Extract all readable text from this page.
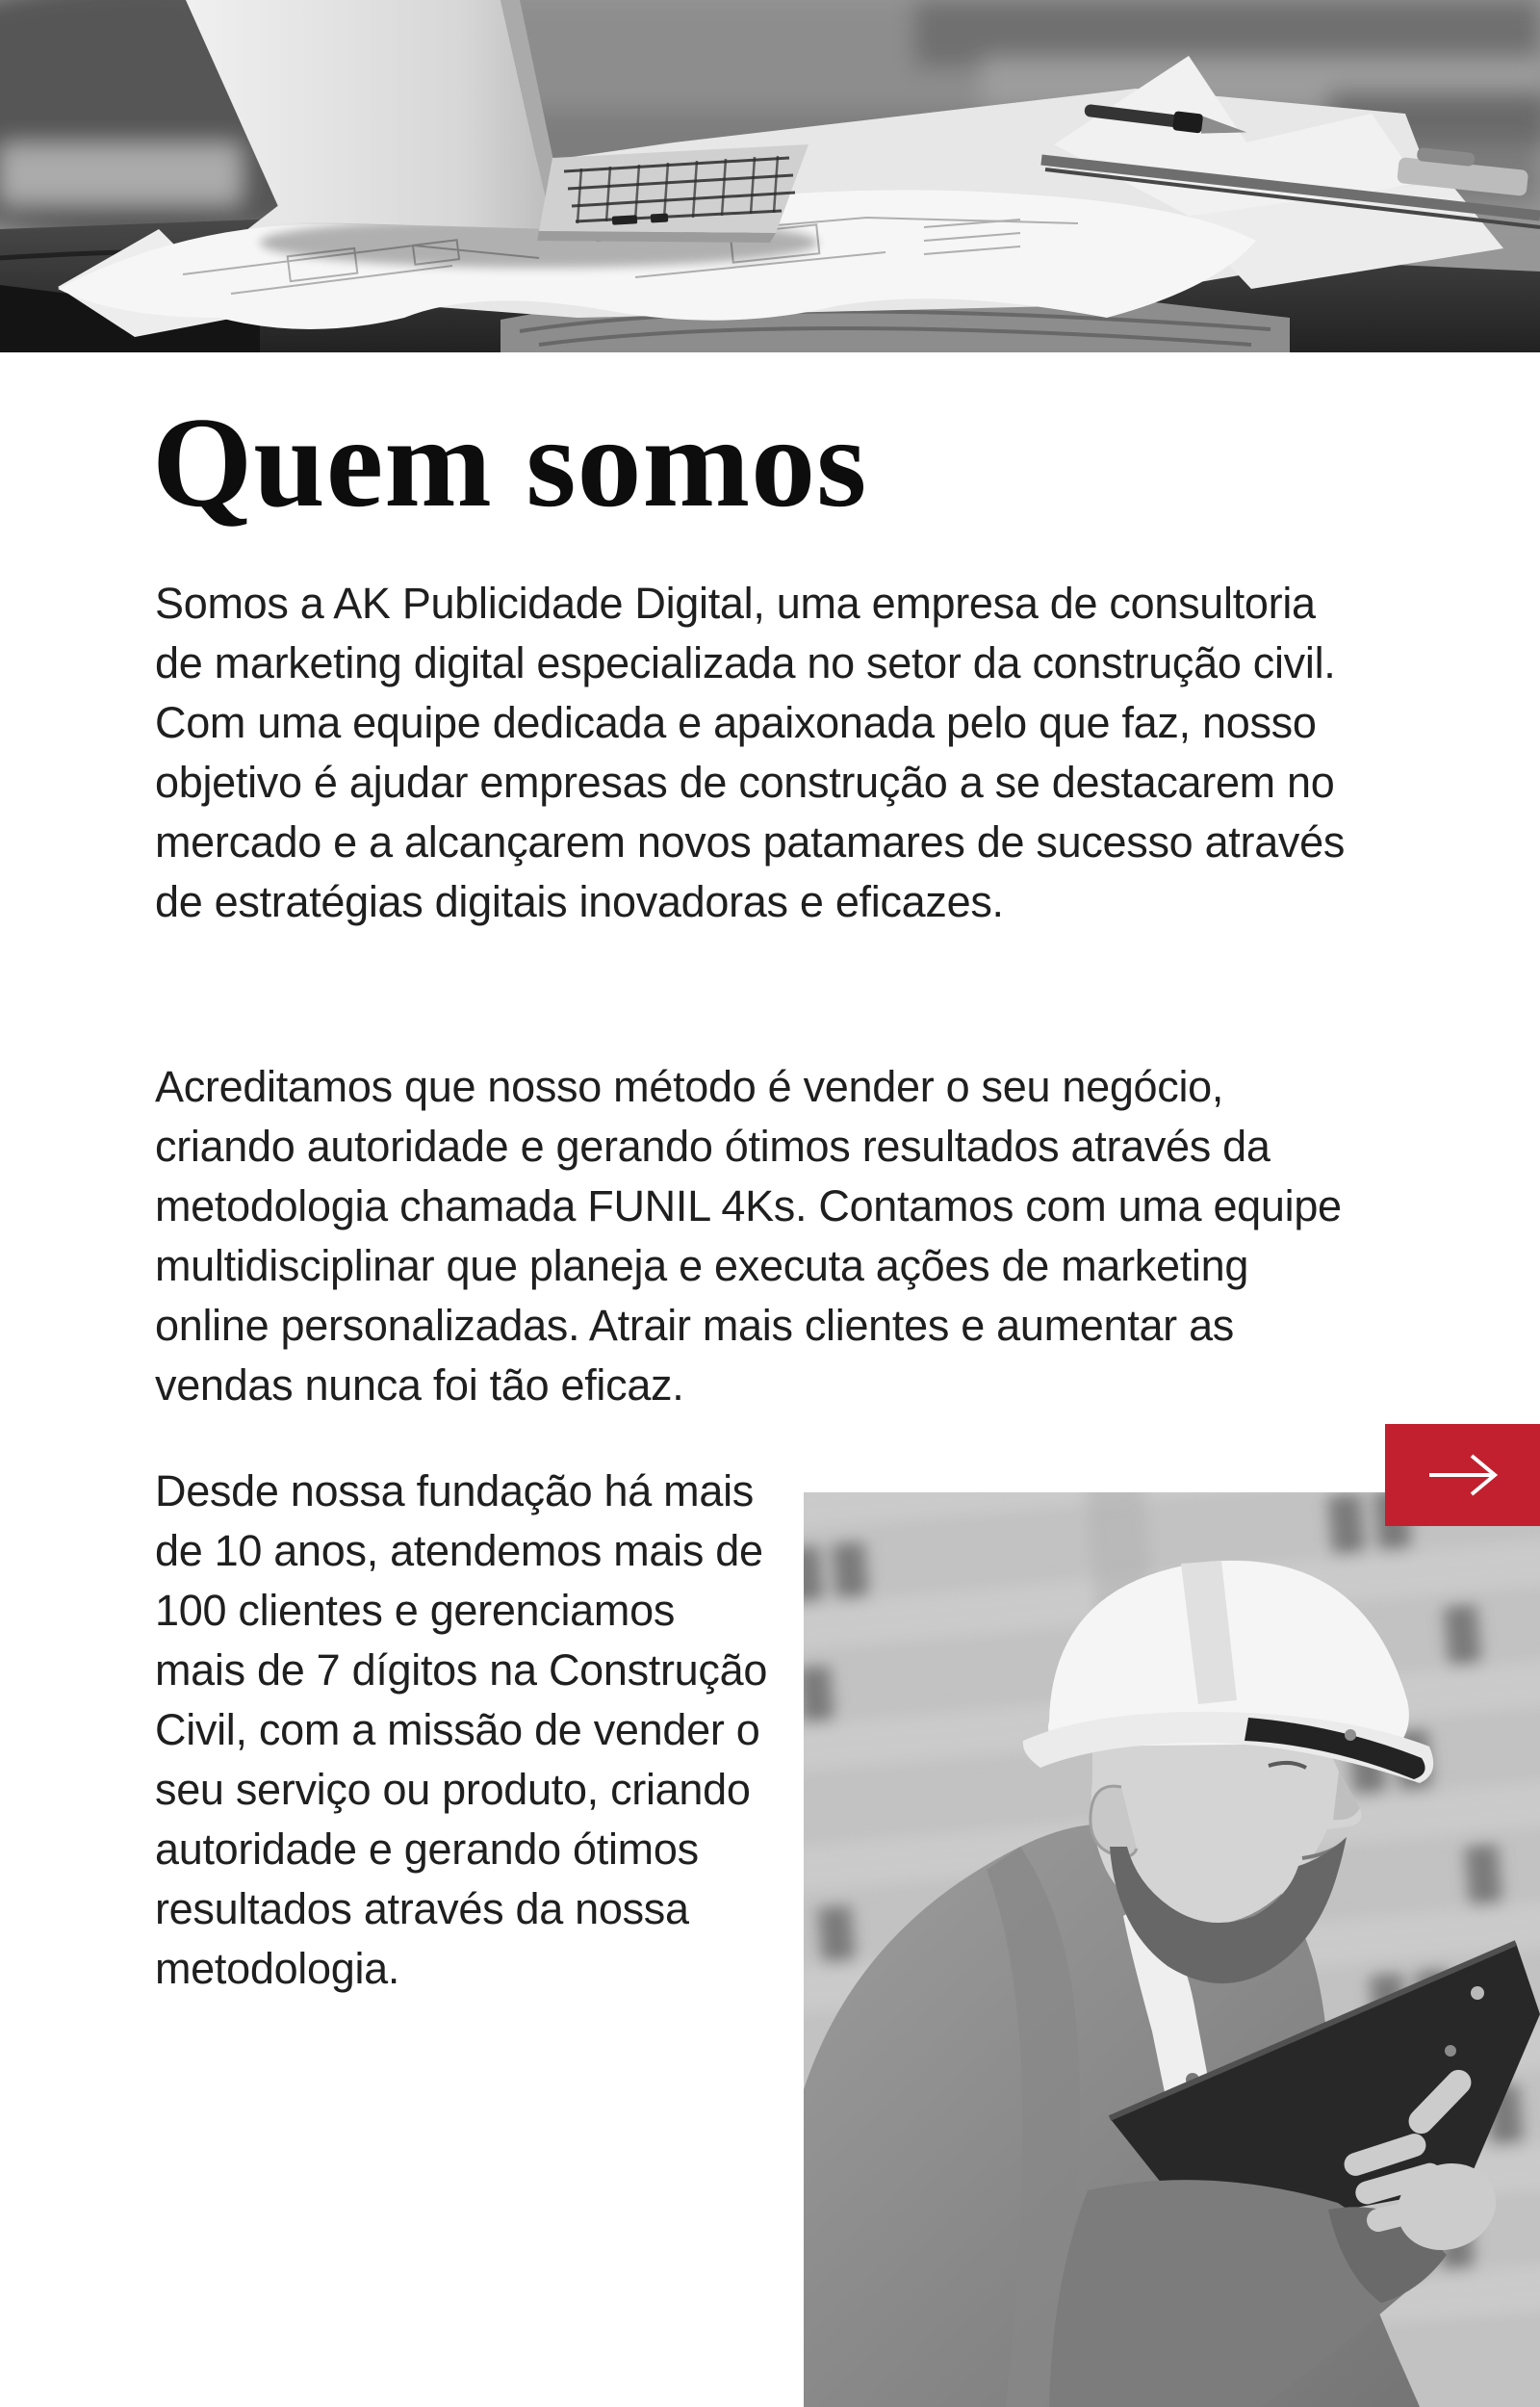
Quem somos

Somos a AK Publicidade Digital, uma empresa de consultoria de marketing digital especializada no setor da construção civil. Com uma equipe dedicada e apaixonada pelo que faz, nosso objetivo é ajudar empresas de construção a se destacarem no mercado e a alcançarem novos patamares de sucesso através de estratégias digitais inovadoras e eficazes.

Acreditamos que nosso método é vender o seu negócio, criando autoridade e gerando ótimos resultados através da metodologia chamada FUNIL 4Ks. Contamos com uma equipe multidisciplinar que planeja e executa ações de marketing online personalizadas. Atrair mais clientes e aumentar as vendas nunca foi tão eficaz.

Desde nossa fundação há mais de 10 anos, atendemos mais de 100 clientes e gerenciamos mais de 7 dígitos na Construção Civil, com a missão de vender o seu serviço ou produto, criando autoridade e gerando ótimos resultados através da nossa metodologia.
